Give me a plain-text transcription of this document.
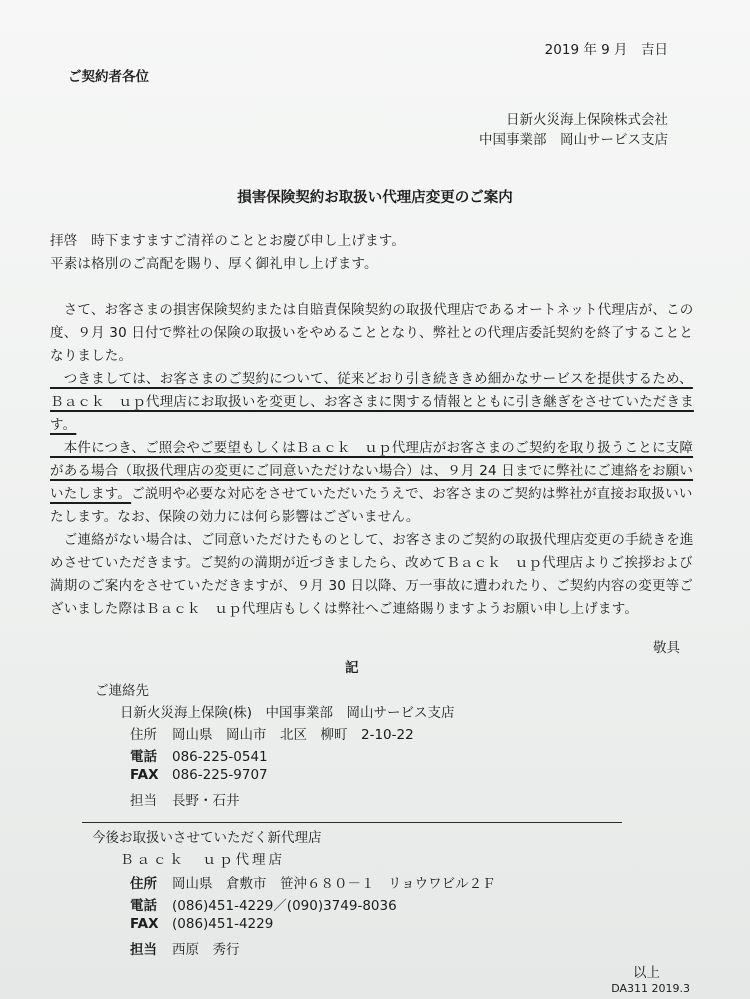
2019 年 9 月　吉日
ご契約者各位
日新火災海上保険株式会社
中国事業部　岡山サービス支店
損害保険契約お取扱い代理店変更のご案内

拝啓　時下ますますご清祥のこととお慶び申し上げます。

平素は格別のご高配を賜り、厚く御礼申し上げます。

　さて、お客さまの損害保険契約または自賠責保険契約の取扱代理店であるオートネット代理店が、この度、９月 30 日付で弊社の保険の取扱いをやめることとなり、弊社との代理店委託契約を終了することとなりました。

　つきましては、お客さまのご契約について、従来どおり引き続ききめ細かなサービスを提供するため、Ｂａｃｋ　ｕｐ代理店にお取扱いを変更し、お客さまに関する情報とともに引き継ぎをさせていただきます。

　本件につき、ご照会やご要望もしくはＢａｃｋ　ｕｐ代理店がお客さまのご契約を取り扱うことに支障がある場合（取扱代理店の変更にご同意いただけない場合）は、９月 24 日までに弊社にご連絡をお願いいたします。ご説明や必要な対応をさせていただいたうえで、お客さまのご契約は弊社が直接お取扱いいたします。なお、保険の効力には何ら影響はございません。

　ご連絡がない場合は、ご同意いただけたものとして、お客さまのご契約の取扱代理店変更の手続きを進めさせていただきます。ご契約の満期が近づきましたら、改めてＢａｃｋ　ｕｐ代理店よりご挨拶および満期のご案内をさせていただきますが、９月 30 日以降、万一事故に遭われたり、ご契約内容の変更等ございました際はＢａｃｋ　ｕｐ代理店もしくは弊社へご連絡賜りますようお願い申し上げます。

敬具
記
ご連絡先
日新火災海上保険(株)　中国事業部　岡山サービス支店
住所 岡山県　岡山市　北区　柳町　2-10-22
電話 086-225-0541
FAX 086-225-9707
担当 長野・石井
今後お取扱いさせていただく新代理店
Ｂａｃｋ　ｕｐ代理店
住所 岡山県　倉敷市　笹沖６８０－１　リョウワビル２Ｆ
電話 (086)451-4229／(090)3749-8036
FAX (086)451-4229
担当 西原　秀行
以上
DA311 2019.3
